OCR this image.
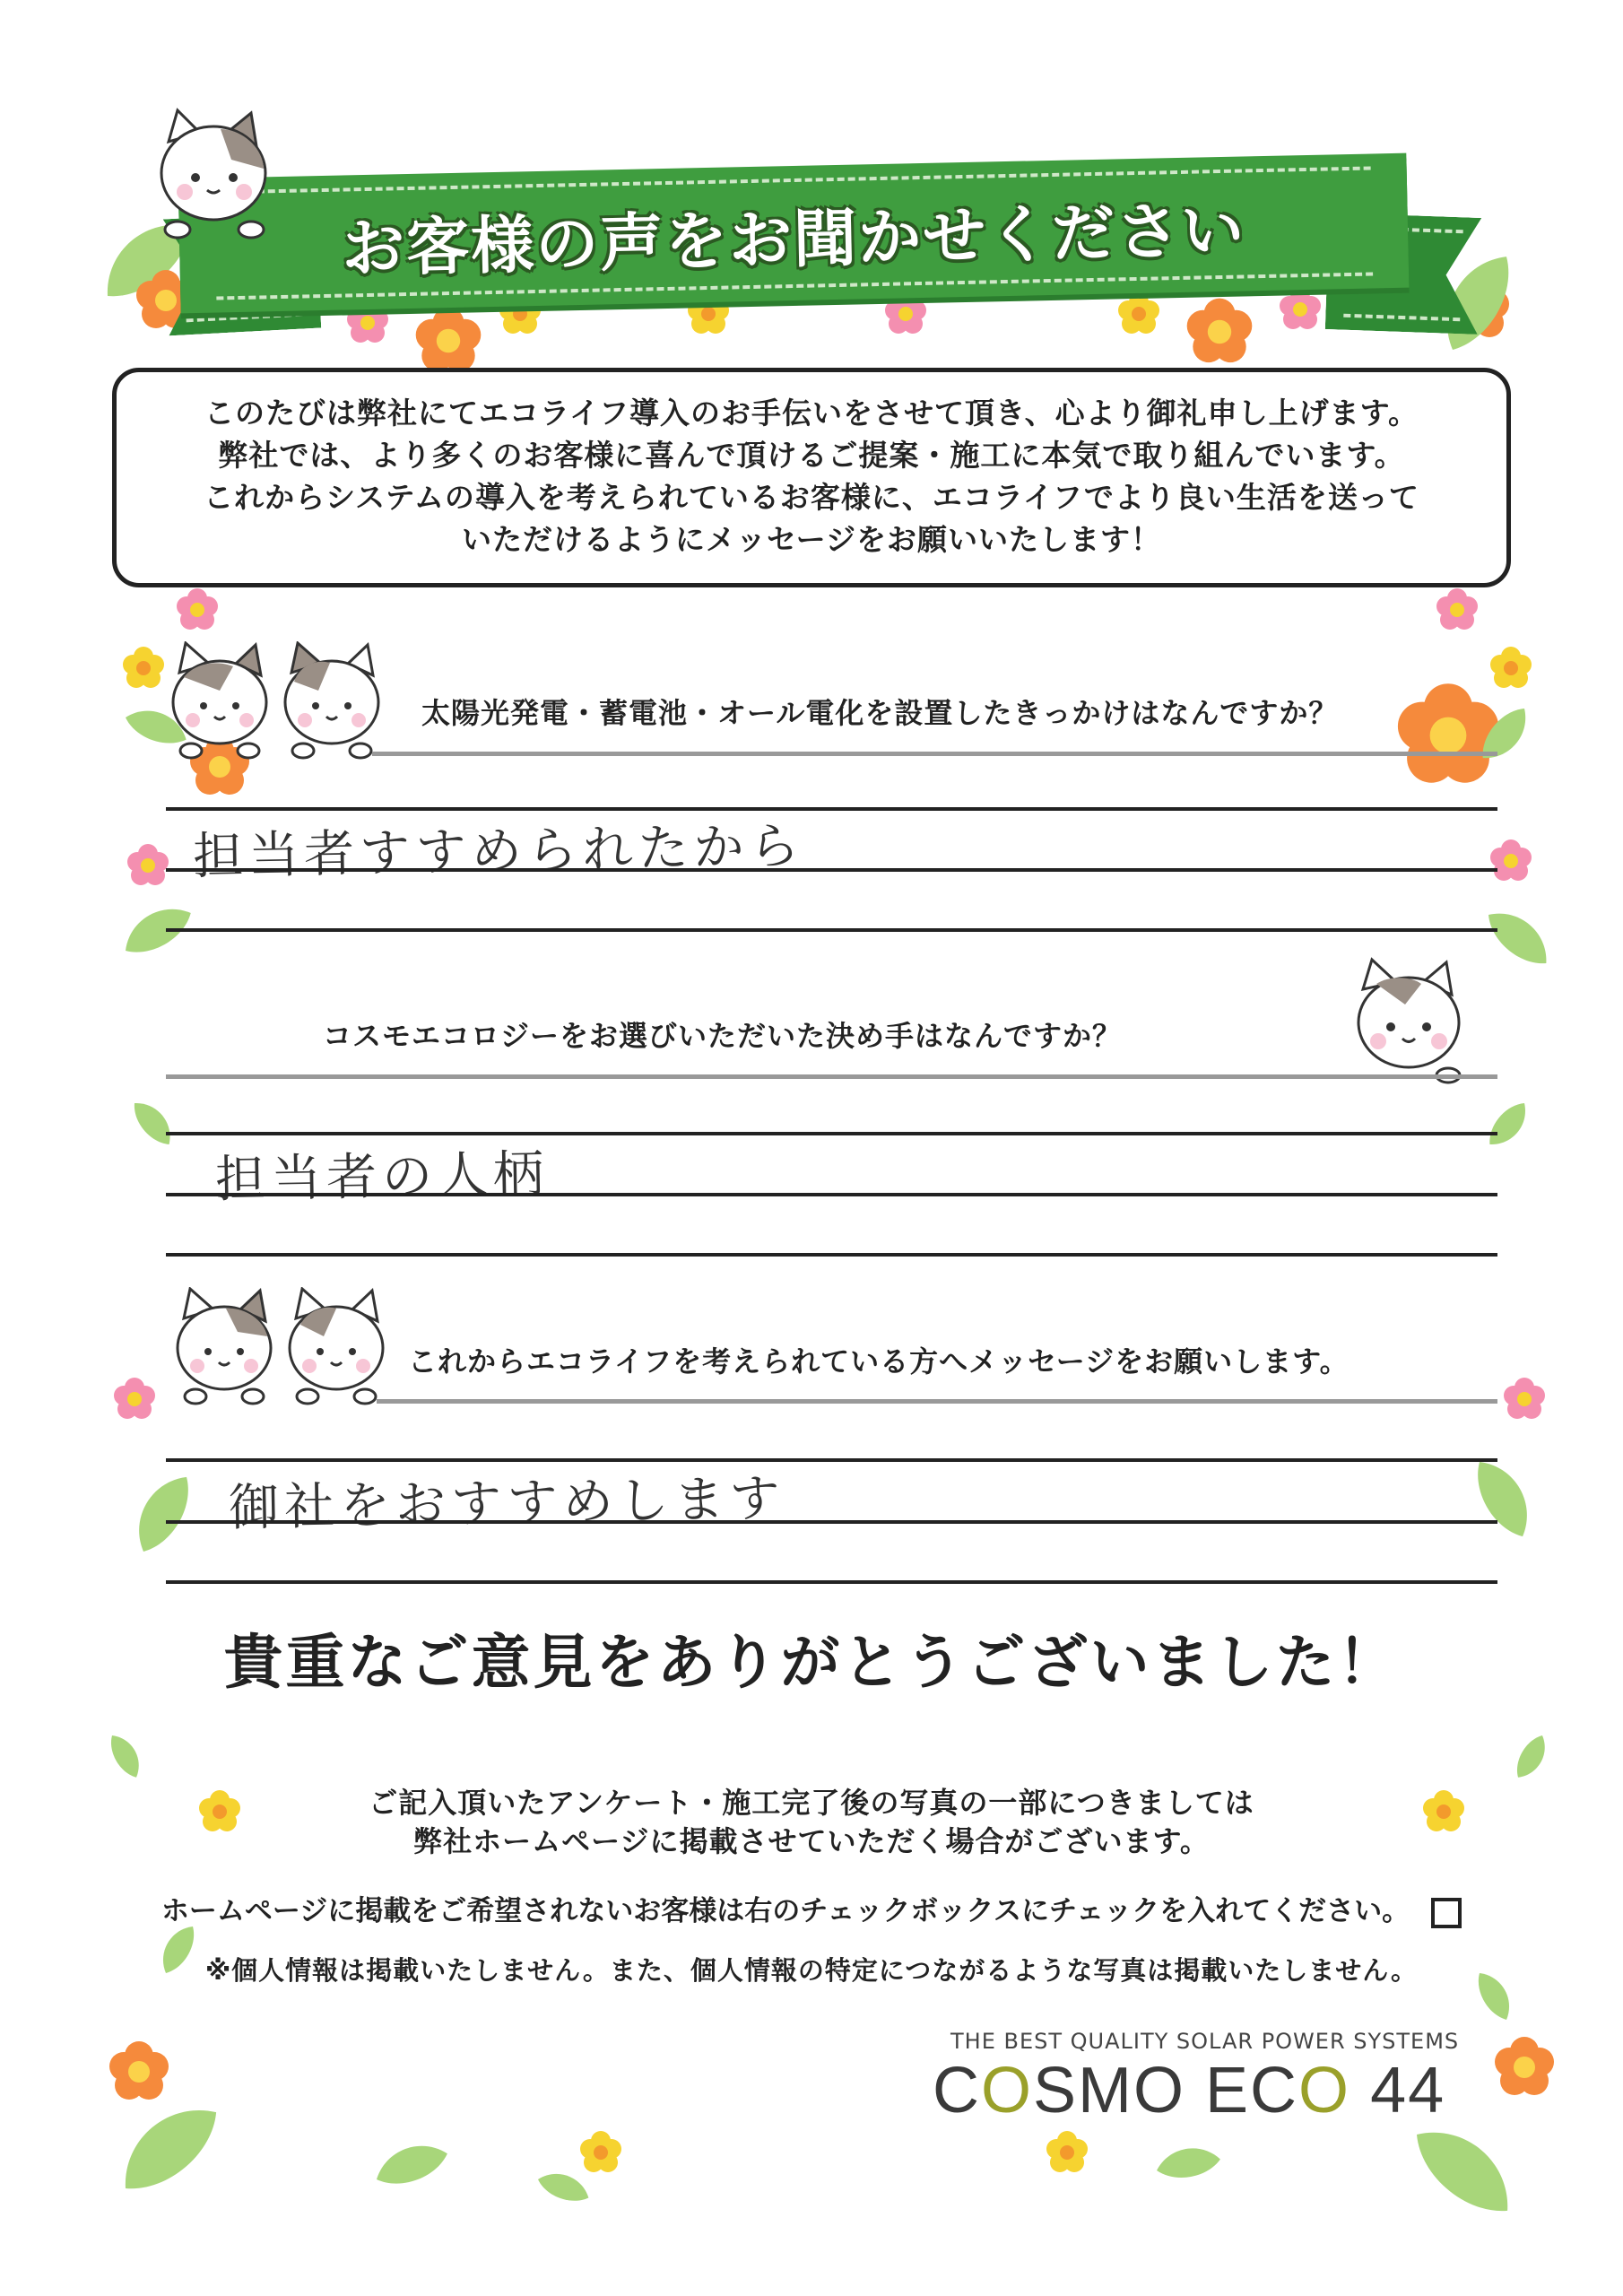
お客様の声をお聞かせください
このたびは弊社にてエコライフ導入のお手伝いをさせて頂き、心より御礼申し上げます。
弊社では、より多くのお客様に喜んで頂けるご提案・施工に本気で取り組んでいます。
これからシステムの導入を考えられているお客様に、エコライフでより良い生活を送って
いただけるようにメッセージをお願いいたします！
太陽光発電・蓄電池・オール電化を設置したきっかけはなんですか？
担当者すすめられたから
コスモエコロジーをお選びいただいた決め手はなんですか？
担当者の人柄
これからエコライフを考えられている方へメッセージをお願いします。
御社をおすすめします
貴重なご意見をありがとうございました！
ご記入頂いたアンケート・施工完了後の写真の一部につきましては
弊社ホームページに掲載させていただく場合がございます。
ホームページに掲載をご希望されないお客様は右のチェックボックスにチェックを入れてください。
※個人情報は掲載いたしません。また、個人情報の特定につながるような写真は掲載いたしません。
THE BEST QUALITY SOLAR POWER SYSTEMS
COSMO ECO 44
